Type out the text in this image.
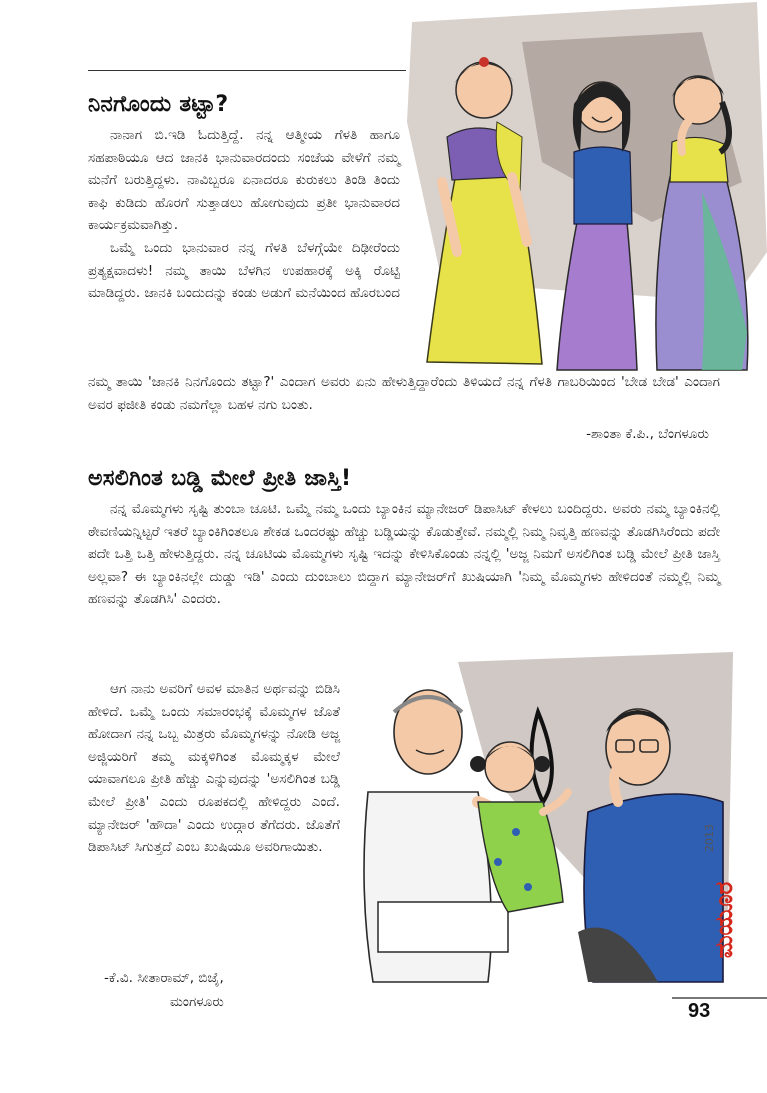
ನಿನಗೊಂದು ತಟ್ಟಾ?

ನಾನಾಗ ಬಿ.ಇಡಿ ಓದುತ್ತಿದ್ದೆ. ನನ್ನ ಆತ್ಮೀಯ ಗೆಳತಿ ಹಾಗೂ ಸಹಪಾಠಿಯೂ ಆದ ಜಾನಕಿ ಭಾನುವಾರದಂದು ಸಂಜೆಯ ವೇಳೆಗೆ ನಮ್ಮ ಮನೆಗೆ ಬರುತ್ತಿದ್ದಳು. ನಾವಿಬ್ಬರೂ ಏನಾದರೂ ಕುರುಕಲು ತಿಂಡಿ ತಿಂದು ಕಾಫಿ ಕುಡಿದು ಹೊರಗೆ ಸುತ್ತಾಡಲು ಹೋಗುವುದು ಪ್ರತೀ ಭಾನುವಾರದ ಕಾರ್ಯಕ್ರಮವಾಗಿತ್ತು.

ಒಮ್ಮೆ ಒಂದು ಭಾನುವಾರ ನನ್ನ ಗೆಳತಿ ಬೆಳಗ್ಗೆಯೇ ದಿಢೀರೆಂದು ಪ್ರತ್ಯಕ್ಷವಾದಳು! ನಮ್ಮ ತಾಯಿ ಬೆಳಗಿನ ಉಪಹಾರಕ್ಕೆ ಅಕ್ಕಿ ರೊಟ್ಟಿ ಮಾಡಿದ್ದರು. ಜಾನಕಿ ಬಂದುದನ್ನು ಕಂಡು ಅಡುಗೆ ಮನೆಯಿಂದ ಹೊರಬಂದ

ನಮ್ಮ ತಾಯಿ 'ಜಾನಕಿ ನಿನಗೊಂದು ತಟ್ಟಾ?' ಎಂದಾಗ ಅವರು ಏನು ಹೇಳುತ್ತಿದ್ದಾರೆಂದು ತಿಳಿಯದೆ ನನ್ನ ಗೆಳತಿ ಗಾಬರಿಯಿಂದ 'ಬೇಡ ಬೇಡ' ಎಂದಾಗ ಅವರ ಫಜೀತಿ ಕಂಡು ನಮಗೆಲ್ಲಾ ಬಹಳ ನಗು ಬಂತು.

-ಶಾಂತಾ ಕೆ.ಪಿ., ಬೆಂಗಳೂರು
ಅಸಲಿಗಿಂತ ಬಡ್ಡಿ ಮೇಲೆ ಪ್ರೀತಿ ಜಾಸ್ತಿ!

ನನ್ನ ಮೊಮ್ಮಗಳು ಸೃಷ್ಟಿ ತುಂಬಾ ಚೂಟಿ. ಒಮ್ಮೆ ನಮ್ಮ ಒಂದು ಬ್ಯಾಂಕಿನ ಮ್ಯಾನೇಜರ್ ಡಿಪಾಸಿಟ್ ಕೇಳಲು ಬಂದಿದ್ದರು. ಅವರು ನಮ್ಮ ಬ್ಯಾಂಕಿನಲ್ಲಿ ಠೇವಣಿಯನ್ನಿಟ್ಟರೆ ಇತರೆ ಬ್ಯಾಂಕಿಗಿಂತಲೂ ಶೇಕಡ ಒಂದರಷ್ಟು ಹೆಚ್ಚು ಬಡ್ಡಿಯನ್ನು ಕೊಡುತ್ತೇವೆ. ನಮ್ಮಲ್ಲಿ ನಿಮ್ಮ ನಿವೃತ್ತಿ ಹಣವನ್ನು ತೊಡಗಿಸಿರೆಂದು ಪದೇ ಪದೇ ಒತ್ತಿ ಒತ್ತಿ ಹೇಳುತ್ತಿದ್ದರು. ನನ್ನ ಚೂಟಿಯ ಮೊಮ್ಮಗಳು ಸೃಷ್ಟಿ ಇದನ್ನು ಕೇಳಿಸಿಕೊಂಡು ನನ್ನಲ್ಲಿ 'ಅಜ್ಜ ನಿಮಗೆ ಅಸಲಿಗಿಂತ ಬಡ್ಡಿ ಮೇಲೆ ಪ್ರೀತಿ ಜಾಸ್ತಿ ಅಲ್ಲವಾ? ಈ ಬ್ಯಾಂಕಿನಲ್ಲೇ ದುಡ್ಡು ಇಡಿ' ಎಂದು ದುಂಬಾಲು ಬಿದ್ದಾಗ ಮ್ಯಾನೇಜರ್‌ಗೆ ಖುಷಿಯಾಗಿ 'ನಿಮ್ಮ ಮೊಮ್ಮಗಳು ಹೇಳಿದಂತೆ ನಮ್ಮಲ್ಲಿ ನಿಮ್ಮ ಹಣವನ್ನು ತೊಡಗಿಸಿ' ಎಂದರು.

ಆಗ ನಾನು ಅವರಿಗೆ ಅವಳ ಮಾತಿನ ಅರ್ಥವನ್ನು ಬಿಡಿಸಿ ಹೇಳಿದೆ. ಒಮ್ಮೆ ಒಂದು ಸಮಾರಂಭಕ್ಕೆ ಮೊಮ್ಮಗಳ ಜೊತೆ ಹೋದಾಗ ನನ್ನ ಒಬ್ಬ ಮಿತ್ರರು ಮೊಮ್ಮಗಳನ್ನು ನೋಡಿ ಅಜ್ಜ ಅಜ್ಜಿಯರಿಗೆ ತಮ್ಮ ಮಕ್ಕಳಿಗಿಂತ ಮೊಮ್ಮಕ್ಕಳ ಮೇಲೆ ಯಾವಾಗಲೂ ಪ್ರೀತಿ ಹೆಚ್ಚು ಎನ್ನುವುದನ್ನು 'ಅಸಲಿಗಿಂತ ಬಡ್ಡಿ ಮೇಲೆ ಪ್ರೀತಿ' ಎಂದು ರೂಪಕದಲ್ಲಿ ಹೇಳಿದ್ದರು ಎಂದೆ. ಮ್ಯಾನೇಜರ್ 'ಹೌದಾ' ಎಂದು ಉದ್ಗಾರ ತೆಗೆದರು. ಜೊತೆಗೆ ಡಿಪಾಸಿಟ್ ಸಿಗುತ್ತದೆ ಎಂಬ ಖುಷಿಯೂ ಅವರಿಗಾಯಿತು.

-ಕೆ.ವಿ. ಸೀತಾರಾಮ್, ಬಿಜೈ,
ಮಂಗಳೂರು
2013
ಮಯೂರ
93
